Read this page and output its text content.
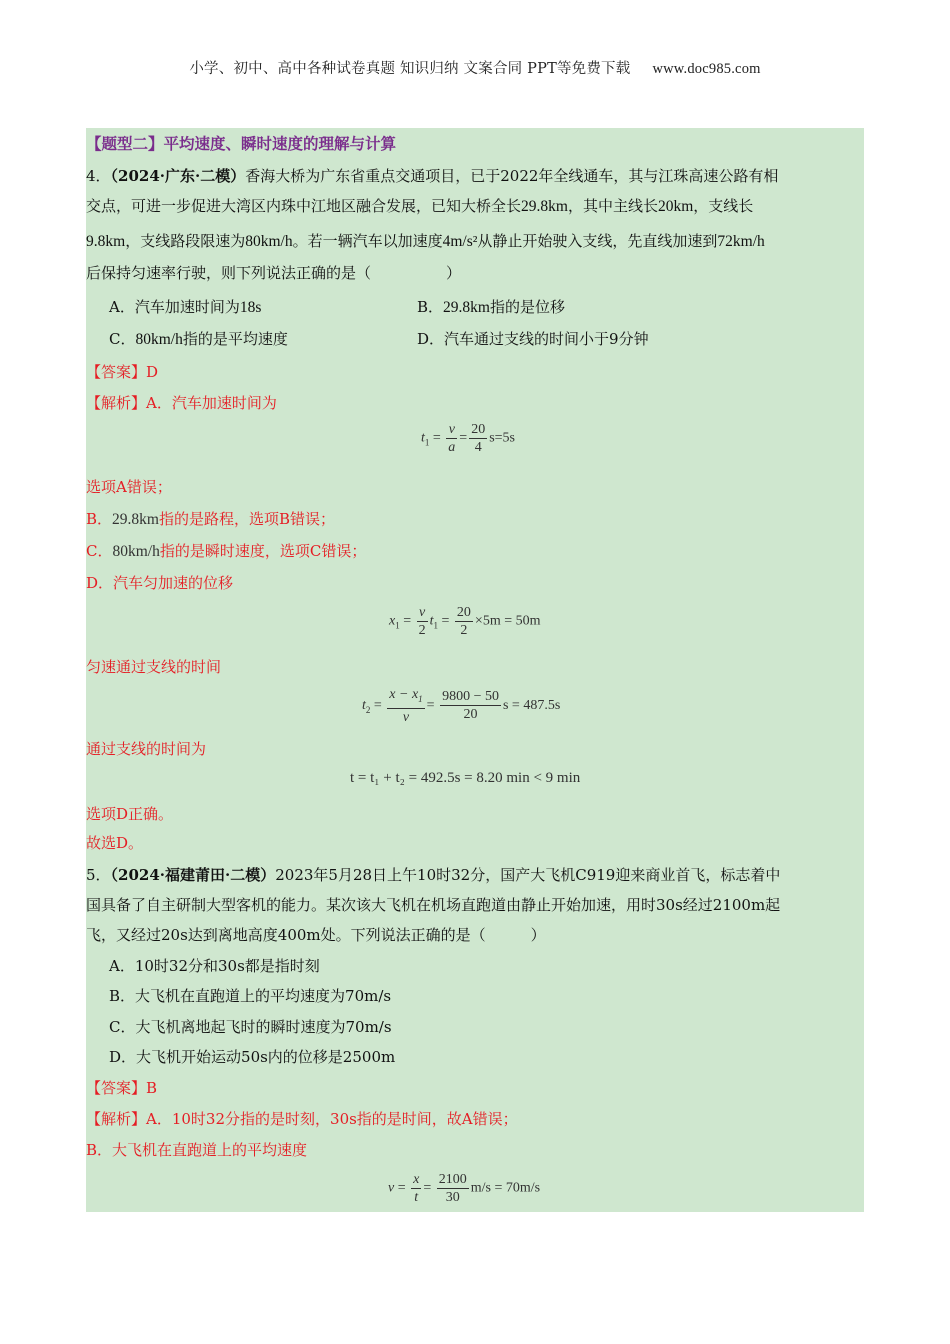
小学、初中、高中各种试卷真题 知识归纳 文案合同 PPT等免费下载 www.doc985.com
【题型二】平均速度、瞬时速度的理解与计算
4．（2024·广东·二模）香海大桥为广东省重点交通项目，已于2022年全线通车，其与江珠高速公路有相
交点，可进一步促进大湾区内珠中江地区融合发展，已知大桥全长29.8km，其中主线长20km，支线长
9.8km，支线路段限速为80km/h。若一辆汽车以加速度4m/s²从静止开始驶入支线，先直线加速到72km/h
后保持匀速率行驶，则下列说法正确的是（　　　　　）
A．汽车加速时间为18s	B．29.8km指的是位移
C．80km/h指的是平均速度	D．汽车通过支线的时间小于9分钟
【答案】D
【解析】A．汽车加速时间为
$t_1 = \frac{v}{a} = \frac{20}{4} s=5s$
选项A错误；
B．29.8km指的是路程，选项B错误；
C．80km/h指的是瞬时速度，选项C错误；
D．汽车匀加速的位移
$x_1 = \frac{v}{2} t_1 = \frac{20}{2} \times 5m = 50m$
匀速通过支线的时间
$t_2 = \frac{x - x_1}{v} = \frac{9800 - 50}{20}$ s = 487.5s
通过支线的时间为
t = t₁ + t₂ = 492.5s = 8.20 min < 9 min
选项D正确。
故选D。
5．（2024·福建莆田·二模）2023年5月28日上午10时32分，国产大飞机C919迎来商业首飞，标志着中
国具备了自主研制大型客机的能力。某次该大飞机在机场直跑道由静止开始加速，用时30s经过2100m起
飞，又经过20s达到离地高度400m处。下列说法正确的是（　　　）
A．10时32分和30s都是指时刻
B．大飞机在直跑道上的平均速度为70m/s
C．大飞机离地起飞时的瞬时速度为70m/s
D．大飞机开始运动50s内的位移是2500m
【答案】B
【解析】A．10时32分指的是时刻，30s指的是时间，故A错误；
B．大飞机在直跑道上的平均速度
$v = \frac{x}{t} = \frac{2100}{30} m/s = 70m/s$
